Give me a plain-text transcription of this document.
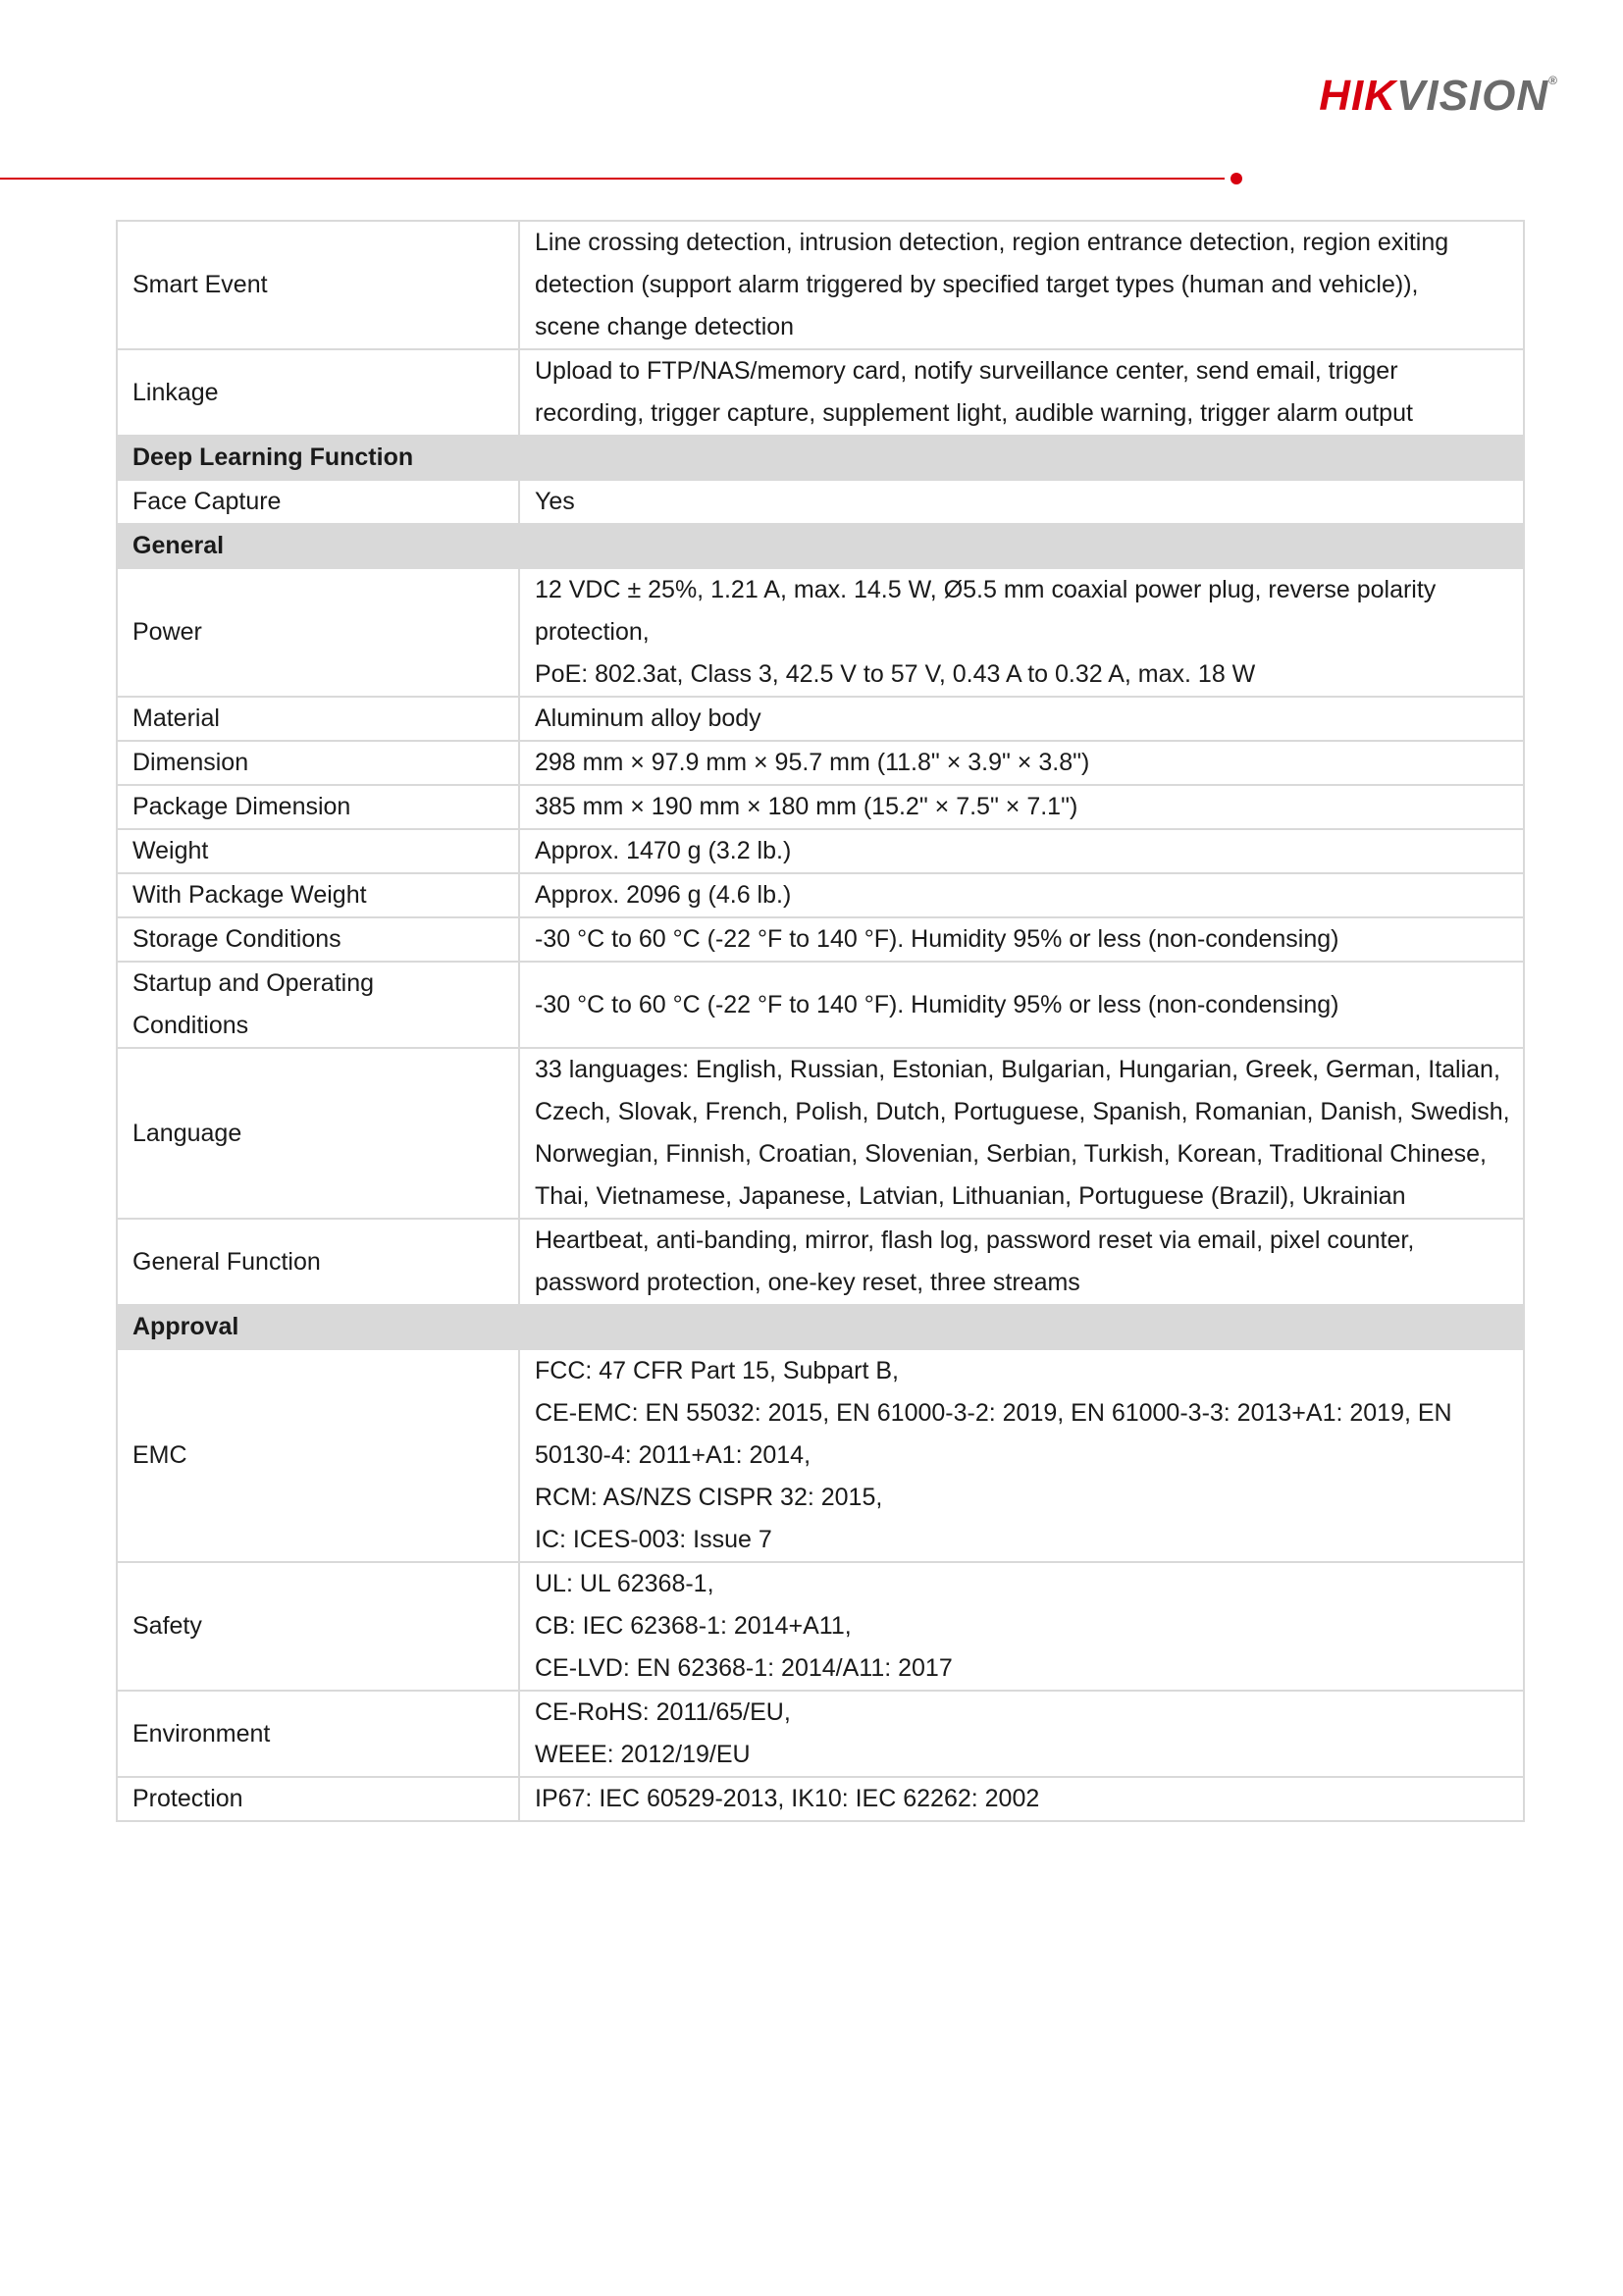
HIKVISION®
Smart Event	Line crossing detection, intrusion detection, region entrance detection, region exiting
detection (support alarm triggered by specified target types (human and vehicle)),
scene change detection

Linkage	Upload to FTP/NAS/memory card, notify surveillance center, send email, trigger
recording, trigger capture, supplement light, audible warning, trigger alarm output

Deep Learning Function	
Face Capture	Yes

General	
Power	12 VDC ± 25%, 1.21 A, max. 14.5 W, Ø5.5 mm coaxial power plug, reverse polarity
protection,
PoE: 802.3at, Class 3, 42.5 V to 57 V, 0.43 A to 0.32 A, max. 18 W

Material	Aluminum alloy body

Dimension	298 mm × 97.9 mm × 95.7 mm (11.8" × 3.9" × 3.8")

Package Dimension	385 mm × 190 mm × 180 mm (15.2" × 7.5" × 7.1")

Weight	Approx. 1470 g (3.2 lb.)

With Package Weight	Approx. 2096 g (4.6 lb.)

Storage Conditions	-30 °C to 60 °C (-22 °F to 140 °F). Humidity 95% or less (non-condensing)

Startup and Operating
Conditions	-30 °C to 60 °C (-22 °F to 140 °F). Humidity 95% or less (non-condensing)

Language	33 languages: English, Russian, Estonian, Bulgarian, Hungarian, Greek, German, Italian,
Czech, Slovak, French, Polish, Dutch, Portuguese, Spanish, Romanian, Danish, Swedish,
Norwegian, Finnish, Croatian, Slovenian, Serbian, Turkish, Korean, Traditional Chinese,
Thai, Vietnamese, Japanese, Latvian, Lithuanian, Portuguese (Brazil), Ukrainian

General Function	Heartbeat, anti-banding, mirror, flash log, password reset via email, pixel counter,
password protection, one-key reset, three streams

Approval	
EMC	FCC: 47 CFR Part 15, Subpart B,
CE-EMC: EN 55032: 2015, EN 61000-3-2: 2019, EN 61000-3-3: 2013+A1: 2019, EN
50130-4: 2011+A1: 2014,
RCM: AS/NZS CISPR 32: 2015,
IC: ICES-003: Issue 7

Safety	UL: UL 62368-1,
CB: IEC 62368-1: 2014+A11,
CE-LVD: EN 62368-1: 2014/A11: 2017

Environment	CE-RoHS: 2011/65/EU,
WEEE: 2012/19/EU

Protection	IP67: IEC 60529-2013, IK10: IEC 62262: 2002
